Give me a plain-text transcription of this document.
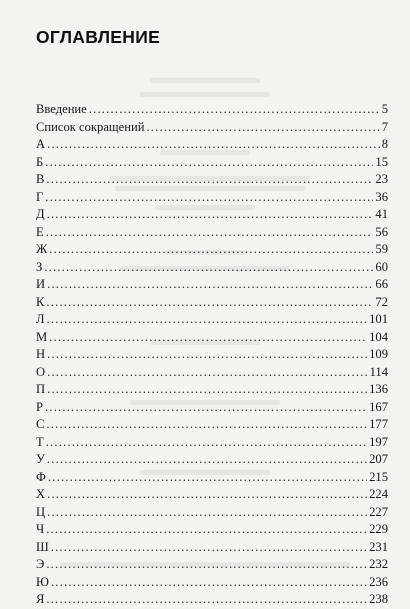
ОГЛАВЛЕНИЕ
Введение .....	5
Список сокращений .....	7
А .....	8
Б .....	15
В .....	23
Г .....	36
Д .....	41
Е .....	56
Ж .....	59
З .....	60
И .....	66
К .....	72
Л .....	101
М .....	104
Н .....	109
О .....	114
П .....	136
Р .....	167
С .....	177
Т .....	197
У .....	207
Ф .....	215
Х .....	224
Ц .....	227
Ч .....	229
Ш .....	231
Э .....	232
Ю .....	236
Я .....	238
